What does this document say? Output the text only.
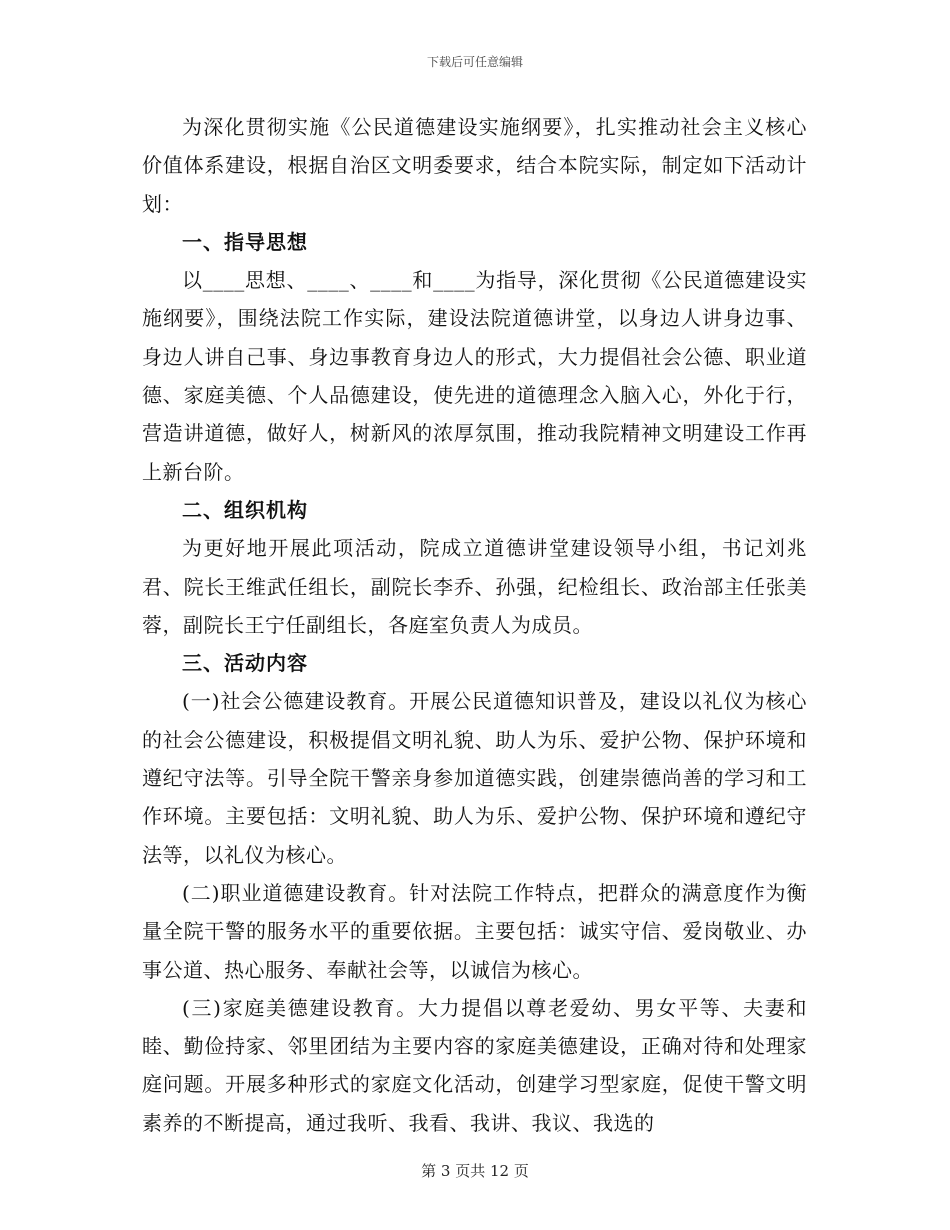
下载后可任意编辑

为深化贯彻实施《公民道德建设实施纲要》，扎实推动社会主义核心价值体系建设，根据自治区文明委要求，结合本院实际，制定如下活动计划：

一、指导思想

以____思想、____、____和____为指导，深化贯彻《公民道德建设实施纲要》，围绕法院工作实际，建设法院道德讲堂，以身边人讲身边事、身边人讲自己事、身边事教育身边人的形式，大力提倡社会公德、职业道德、家庭美德、个人品德建设，使先进的道德理念入脑入心，外化于行，营造讲道德，做好人，树新风的浓厚氛围，推动我院精神文明建设工作再上新台阶。

二、组织机构

为更好地开展此项活动，院成立道德讲堂建设领导小组，书记刘兆君、院长王维武任组长，副院长李乔、孙强，纪检组长、政治部主任张美蓉，副院长王宁任副组长，各庭室负责人为成员。

三、活动内容

(一)社会公德建设教育。开展公民道德知识普及，建设以礼仪为核心的社会公德建设，积极提倡文明礼貌、助人为乐、爱护公物、保护环境和遵纪守法等。引导全院干警亲身参加道德实践，创建崇德尚善的学习和工作环境。主要包括：文明礼貌、助人为乐、爱护公物、保护环境和遵纪守法等，以礼仪为核心。

(二)职业道德建设教育。针对法院工作特点，把群众的满意度作为衡量全院干警的服务水平的重要依据。主要包括：诚实守信、爱岗敬业、办事公道、热心服务、奉献社会等，以诚信为核心。

(三)家庭美德建设教育。大力提倡以尊老爱幼、男女平等、夫妻和睦、勤俭持家、邻里团结为主要内容的家庭美德建设，正确对待和处理家庭问题。开展多种形式的家庭文化活动，创建学习型家庭，促使干警文明素养的不断提高，通过我听、我看、我讲、我议、我选的

第 3 页共 12 页
